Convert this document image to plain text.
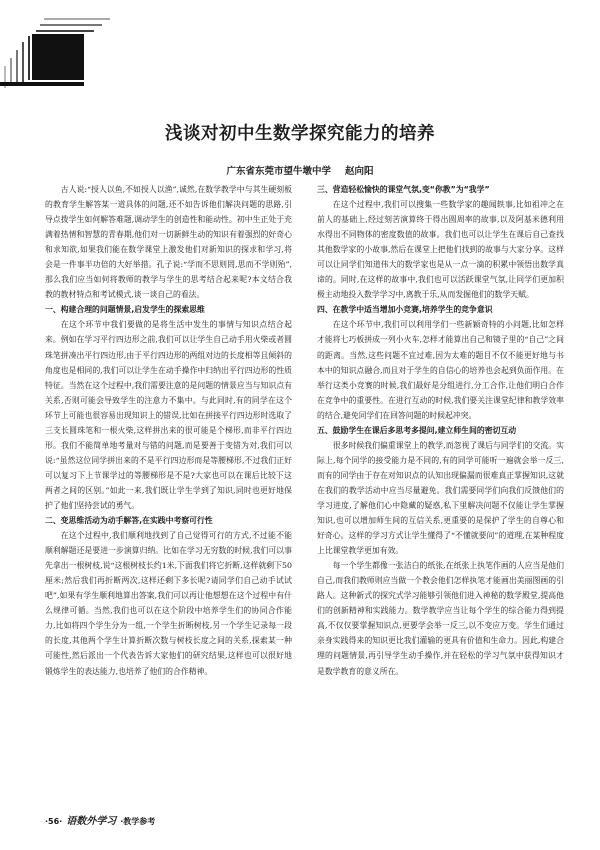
浅谈对初中生数学探究能力的培养
广东省东莞市望牛墩中学 赵向阳

古人说:“授人以鱼,不如授人以渔”,诚然,在数学教学中与其生硬刻板的教育学生解答某一道具体的问题,还不如告诉他们解决问题的思路,引导点拨学生如何解答难题,调动学生的创造性和能动性。初中生正处于充满着热情和智慧的青春期,他们对一切新鲜生动的知识有着强烈的好奇心和求知欲,如果我们能在数学课堂上激发他们对新知识的探求和学习,将会是一件事半功倍的大好举措。孔子说:“学而不思则罔,思而不学则殆”,那么我们应当如何将教师的教学与学生的思考结合起来呢?本文结合我教的教材特点和考试模式,谈一谈自己的看法。

一、构建合理的问题情景,启发学生的探索思维

在这个环节中我们要做的是将生活中发生的事情与知识点结合起来。例如在学习平行四边形之前,我们可以让学生自己动手用火柴或者圆珠笔拼凑出平行四边形,由于平行四边形的两组对边的长度相等且倾斜的角度也是相同的,我们可以让学生在动手操作中归纳出平行四边形的性质特征。当然在这个过程中,我们需要注意的是问题的情景应当与知识点有关系,否则可能会导致学生的注意力不集中。与此同时,有的同学在这个环节上可能也很容易出现知识上的错误,比如在拼接平行四边形时选取了三支长圆珠笔和一根火柴,这样拼出来的很可能是个梯形,而非平行四边形。我们不能简单地考量对与错的问题,而是要善于变错为对,我们可以说:“虽然这位同学拼出来的不是平行四边形而是等腰梯形,不过我们正好可以复习下上节课学过的等腰梯形是不是?大家也可以在课后比较下这两者之间的区别。”如此一来,我们既让学生学到了知识,同时也更好地保护了他们坚持尝试的勇气。

二、变思维活动为动手解答,在实践中考察可行性

在这个过程中,我们顺利地找到了自己觉得可行的方式,不过能不能顺利解题还是要进一步演算归纳。比如在学习无穷数的时候,我们可以事先拿出一根树枝,说“这根树枝长约1米,下面我们将它折断,这样就剩下50厘米;然后我们再折断两次,这样还剩下多长呢?请同学们自己动手试试吧”,如果有学生顺利地算出答案,我们可以再让他想想在这个过程中有什么规律可循。当然,我们也可以在这个阶段中培养学生们的协同合作能力,比如将四个学生分为一组,一个学生折断树枝,另一个学生记录每一段的长度,其他两个学生计算折断次数与树枝长度之间的关系,探索某一种可能性,然后派出一个代表告诉大家他们的研究结果,这样也可以很好地锻炼学生的表达能力,也培养了他们的合作精神。

三、营造轻松愉快的课堂气氛,变“你教”为“我学”

在这个过程中,我们可以搜集一些数学家的趣闻轶事,比如祖冲之在前人的基础上,经过刻苦演算终于得出圆周率的故事,以及阿基米德利用水得出不同物体的密度数值的故事。我们也可以让学生在课后自己查找其他数学家的小故事,然后在课堂上把他们找到的故事与大家分享。这样可以让同学们知道伟大的数学家也是从一点一滴的积累中领悟出数学真谛的。同时,在这样的故事中,我们也可以活跃课堂气氛,让同学们更加积极主动地投入数学学习中,离教于乐,从而发掘他们的数学天赋。

四、在教学中适当增加小竞赛,培养学生的竞争意识

在这个环节中,我们可以利用学们一些新颖奇特的小问题,比如怎样才能将七巧板拼成一列小火车,怎样才能算出自己和镜子里的“自己”之间的距离。当然,这些问题不宜过难,因为太难的题目不仅不能更好地与书本中的知识点融合,而且对于学生的自信心的培养也会起到负面作用。在举行这类小竞赛的时候,我们最好是分组进行,分工合作,让他们明白合作在竞争中的重要性。在进行互动的时候,我们要关注课堂纪律和教学效率的结合,避免同学们在回答问题的时候起冲突。

五、鼓励学生在课后多思考多提问,建立师生间的密切互动

很多时候我们偏重课堂上的教学,而忽视了课后与同学们的交流。实际上,每个同学的接受能力是不同的,有的同学可能听一遍就会举一反三,而有的同学由于存在对知识点的认知出现偏漏而很难真正掌握知识,这就在我们的教学活动中应当尽量避免。我们需要同学们向我们反馈他们的学习进度,了解他们心中隐藏的疑惑,私下里解决问题不仅能让学生掌握知识,也可以增加师生间的互信关系,更重要的是保护了学生的自尊心和好奇心。这样的学习方式让学生懂得了“不懂就要问”的道理,在某种程度上比课堂教学更加有效。

每一个学生都像一张洁白的纸张,在纸张上执笔作画的人应当是他们自己,而我们教师则应当做一个教会他们怎样执笔才能画出美丽图画的引路人。这种新式的探究式学习能够引领他们进入神秘的数学殿堂,提高他们的创新精神和实践能力。数学教学应当让每个学生的综合能力得到提高,不仅仅要掌握知识点,更要学会举一反三,以不变应万变。学生们通过亲身实践得来的知识更比我们灌输的更具有价值和生命力。因此,构建合理的问题情景,再引导学生动手操作,并在轻松的学习气氛中获得知识才是数学教育的意义所在。

·56· 语数外学习 ·教学参考
